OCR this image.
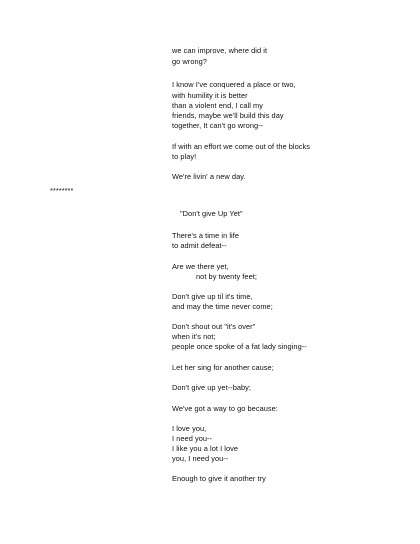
we can improve, where did it
go wrong?
I know I've conquered a place or two,
with humility it is better
than a violent end, I call my
friends, maybe we'll build this day
together, It can't go wrong--
If with an effort we come out of the blocks
to play!
We're livin' a new day.
********
"Don't give Up Yet"
There's a time in life
to admit defeat--
Are we there yet,
not by twenty feet;
Don't give up til it's time,
and may the time never come;
Don't shout out "it's over"
when it's not;
people once spoke of a fat lady singing--
Let her sing for another cause;
Don't give up yet--baby;
We've got a way to go because:
I love you,
I need you--
I like you a lot I love
you, I need you--
Enough to give it another try
